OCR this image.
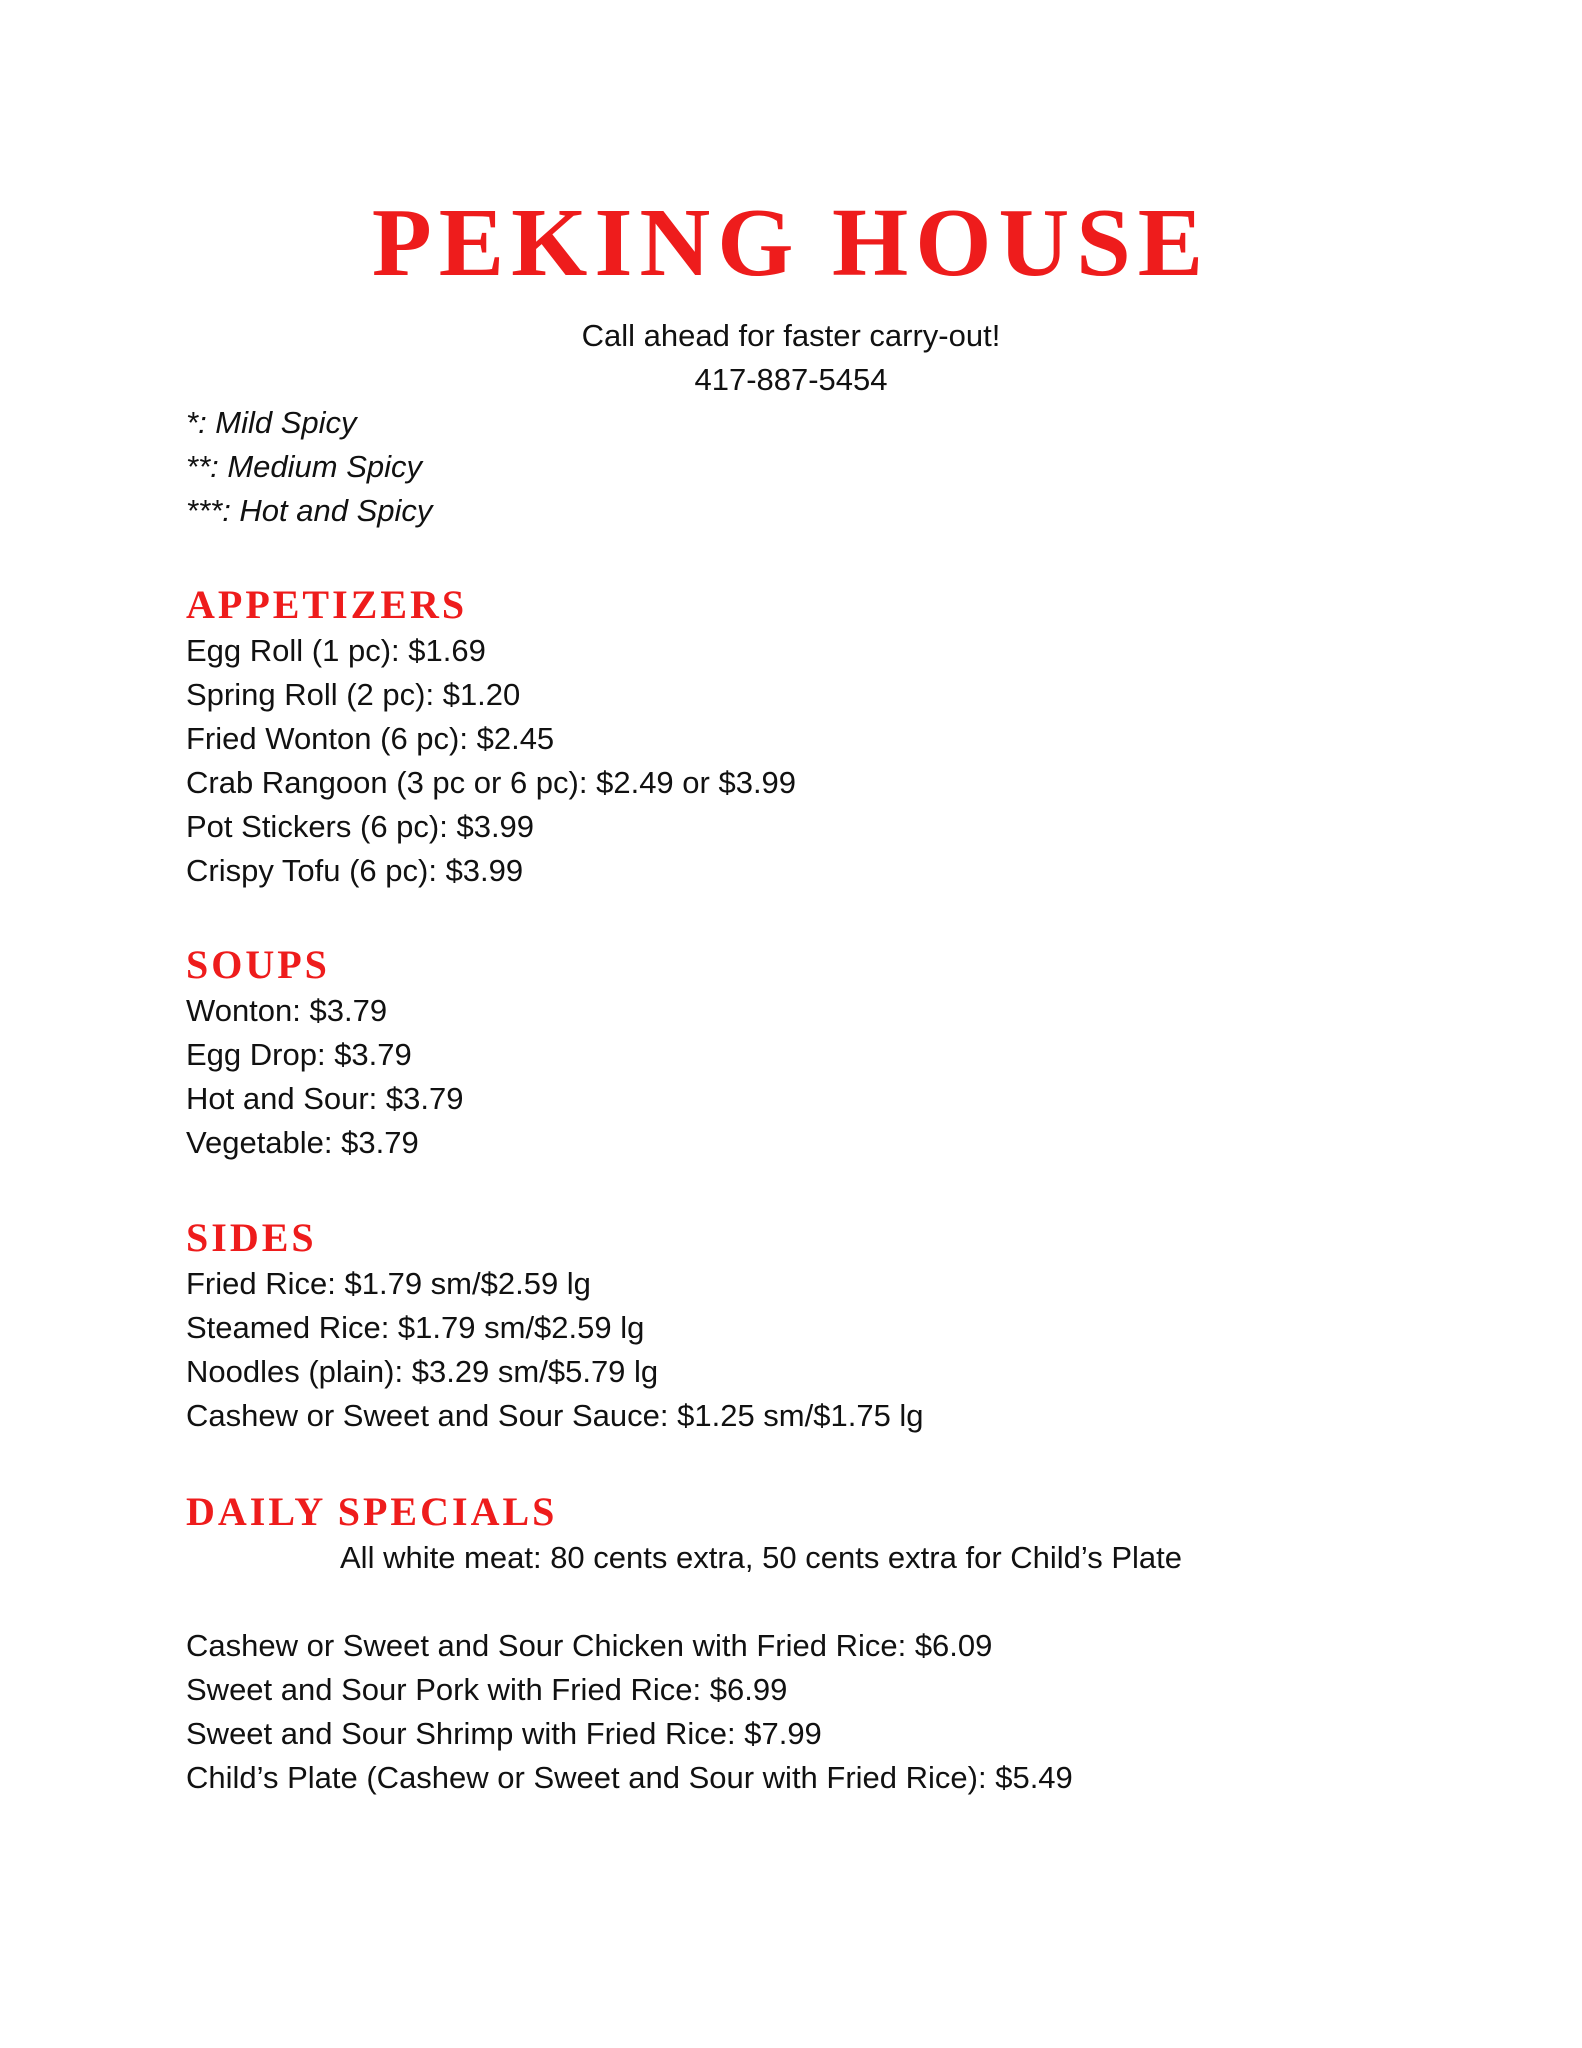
PEKING HOUSE

Call ahead for faster carry-out!

417-887-5454

*: Mild Spicy
**: Medium Spicy
***: Hot and Spicy
APPETIZERS
Egg Roll (1 pc): $1.69
Spring Roll (2 pc): $1.20
Fried Wonton (6 pc): $2.45
Crab Rangoon (3 pc or 6 pc): $2.49 or $3.99
Pot Stickers (6 pc): $3.99
Crispy Tofu (6 pc): $3.99
SOUPS
Wonton: $3.79
Egg Drop: $3.79
Hot and Sour: $3.79
Vegetable: $3.79
SIDES
Fried Rice: $1.79 sm/$2.59 lg
Steamed Rice: $1.79 sm/$2.59 lg
Noodles (plain): $3.29 sm/$5.79 lg
Cashew or Sweet and Sour Sauce: $1.25 sm/$1.75 lg
DAILY SPECIALS
All white meat: 80 cents extra, 50 cents extra for Child’s Plate
Cashew or Sweet and Sour Chicken with Fried Rice: $6.09
Sweet and Sour Pork with Fried Rice: $6.99
Sweet and Sour Shrimp with Fried Rice: $7.99
Child’s Plate (Cashew or Sweet and Sour with Fried Rice): $5.49
